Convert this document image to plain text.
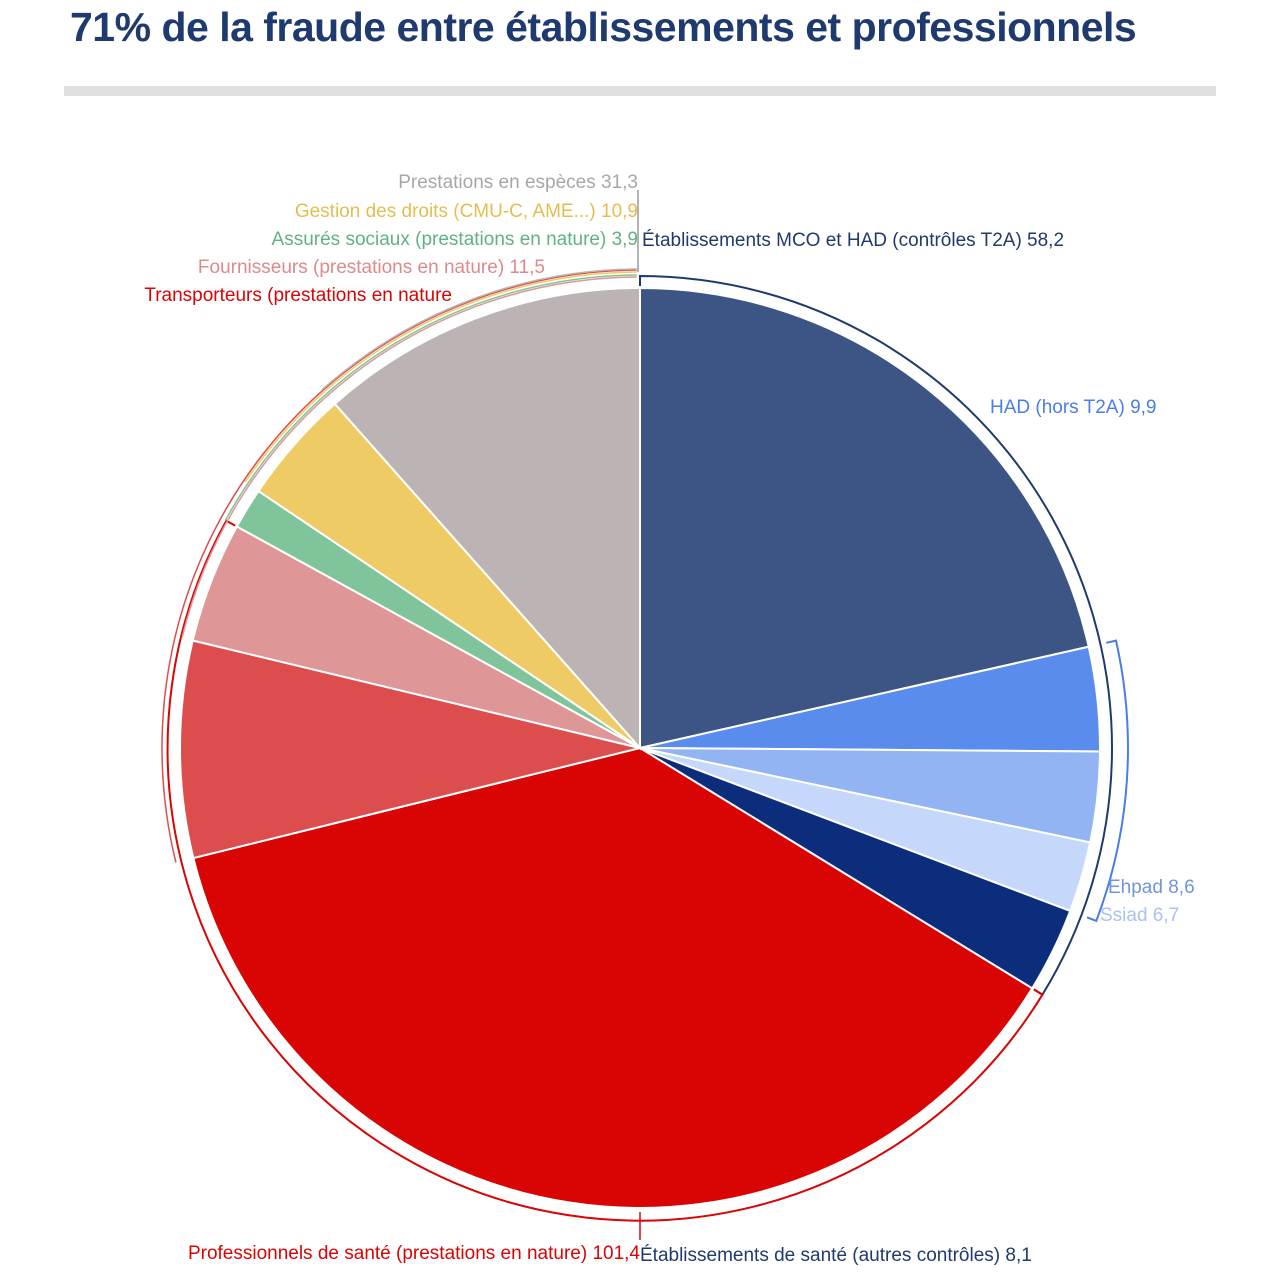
71% de la fraude entre établissements et professionnels
Établissements MCO et HAD (contrôles T2A) 58,2
HAD (hors T2A) 9,9
Ehpad 8,6
Ssiad 6,7
Établissements de santé (autres contrôles) 8,1
Professionnels de santé (prestations en nature) 101,4
Transporteurs (prestations en nature
Fournisseurs (prestations en nature) 11,5
Assurés sociaux (prestations en nature) 3,9
Gestion des droits (CMU-C, AME...) 10,9
Prestations en espèces 31,3
